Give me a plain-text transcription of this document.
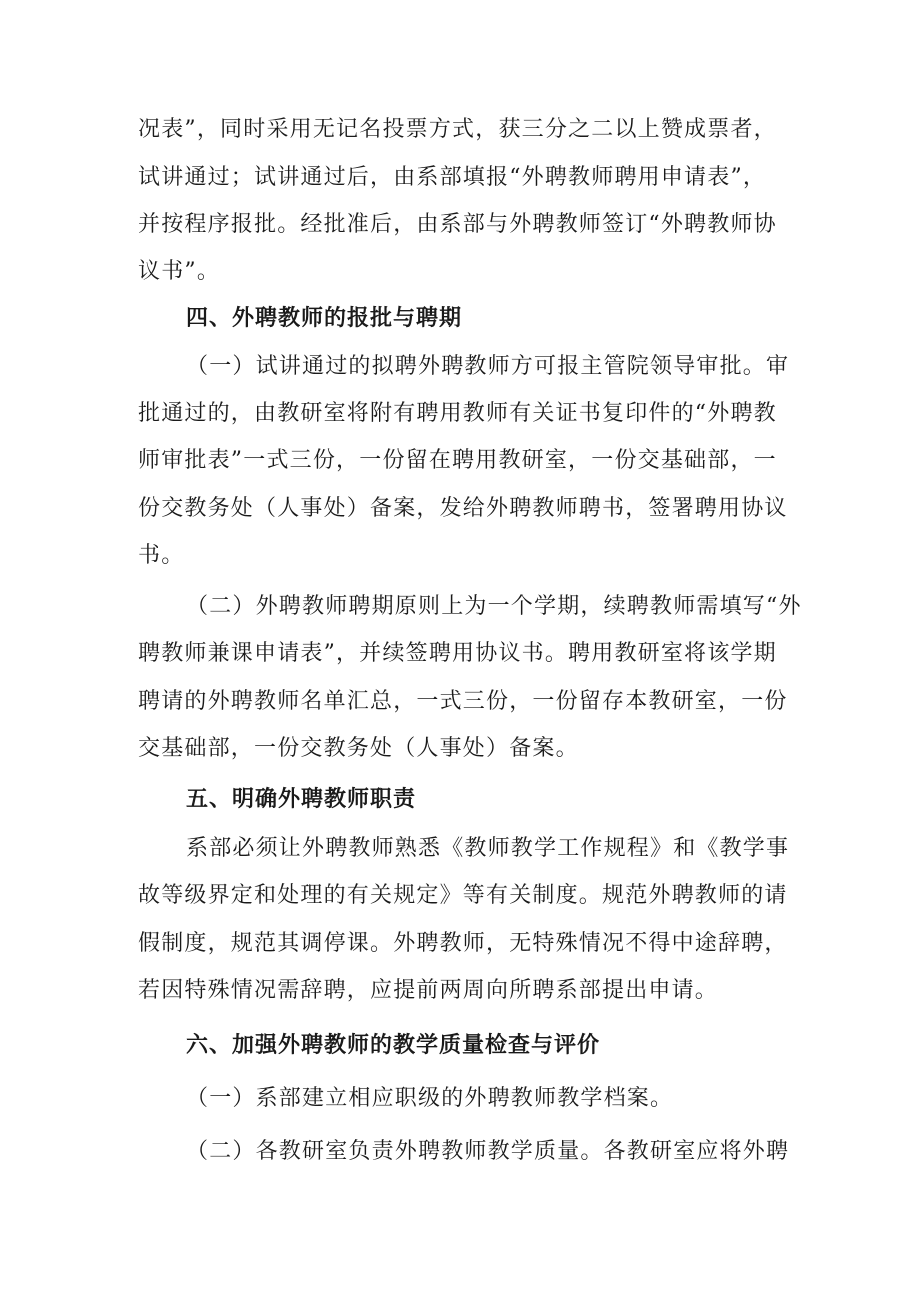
况表”，同时采用无记名投票方式，获三分之二以上赞成票者，
试讲通过；试讲通过后，由系部填报“外聘教师聘用申请表”，
并按程序报批。经批准后，由系部与外聘教师签订“外聘教师协
议书”。
四、外聘教师的报批与聘期
（一）试讲通过的拟聘外聘教师方可报主管院领导审批。审
批通过的，由教研室将附有聘用教师有关证书复印件的“外聘教
师审批表”一式三份，一份留在聘用教研室，一份交基础部，一
份交教务处（人事处）备案，发给外聘教师聘书，签署聘用协议
书。
（二）外聘教师聘期原则上为一个学期，续聘教师需填写“外
聘教师兼课申请表”，并续签聘用协议书。聘用教研室将该学期
聘请的外聘教师名单汇总，一式三份，一份留存本教研室，一份
交基础部，一份交教务处（人事处）备案。
五、明确外聘教师职责
系部必须让外聘教师熟悉《教师教学工作规程》和《教学事
故等级界定和处理的有关规定》等有关制度。规范外聘教师的请
假制度，规范其调停课。外聘教师，无特殊情况不得中途辞聘，
若因特殊情况需辞聘，应提前两周向所聘系部提出申请。
六、加强外聘教师的教学质量检查与评价
（一）系部建立相应职级的外聘教师教学档案。
（二）各教研室负责外聘教师教学质量。各教研室应将外聘
